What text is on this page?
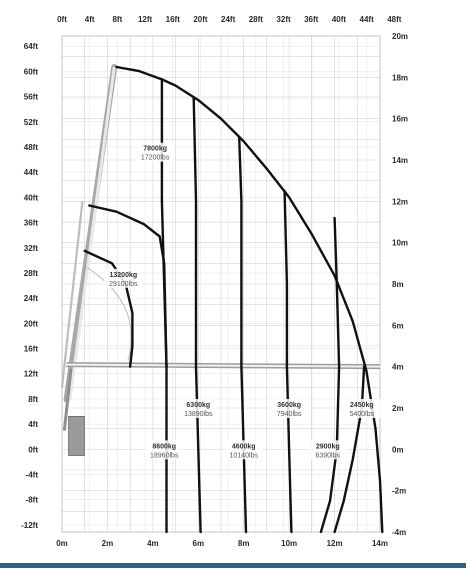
7800kg
17200lbs
13200kg
29100lbs
6300kg
13890lbs
3600kg
7940lbs
2450kg
5400lbs
8600kg
18960lbs
4600kg
10140lbs
2900kg
6390lbs
0m	2m	4m	6m	8m	10m	12m	14m
0ft 4ft 8ft 12ft 16ft 20ft 24ft 28ft 32ft 36ft 40ft 44ft 48ft
64ft
60ft
56ft
52ft
48ft
44ft
40ft
36ft
32ft
28ft
24ft
20ft
16ft
12ft
8ft
4ft
0ft
-4ft
-8ft
-12ft
20m
18m
16m
14m
12m
10m
8m
6m
4m
2m
0m
-2m
-4m
